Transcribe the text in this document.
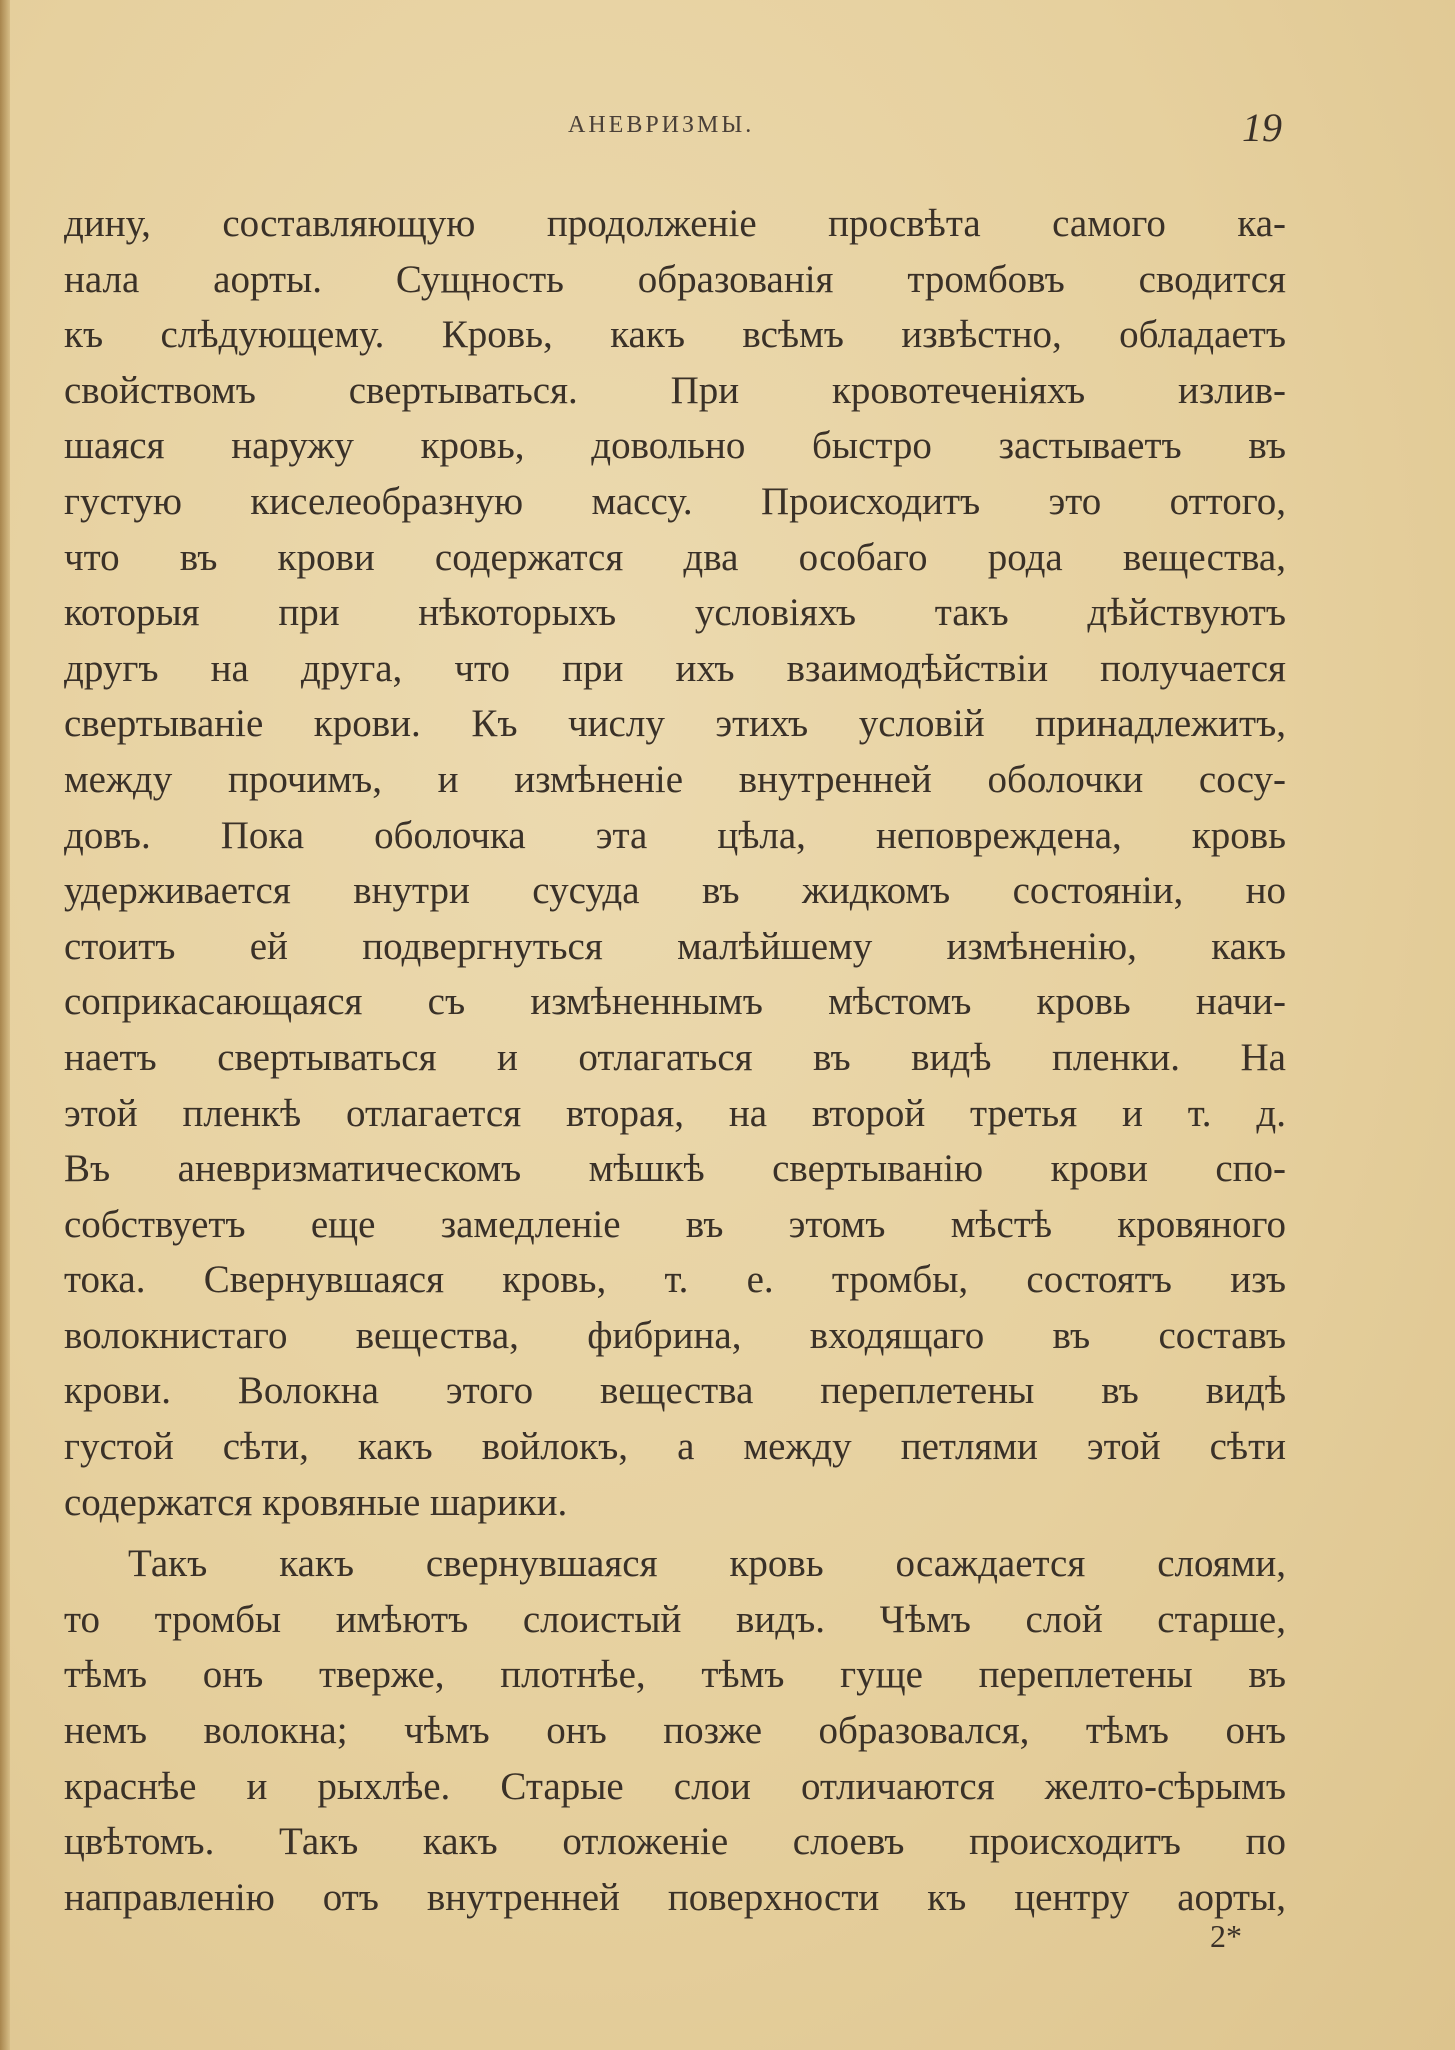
АНЕВРИЗМЫ.	19
дину, составляющую продолженіе просвѣта самого ка-
нала аорты. Сущность образованія тромбовъ сводится
къ слѣдующему. Кровь, какъ всѣмъ извѣстно, обладаетъ
свойствомъ свертываться. При кровотеченіяхъ излив-
шаяся наружу кровь, довольно быстро застываетъ въ
густую киселеобразную массу. Происходитъ это оттого,
что въ крови содержатся два особаго рода вещества,
которыя при нѣкоторыхъ условіяхъ такъ дѣйствуютъ
другъ на друга, что при ихъ взаимодѣйствіи получается
свертываніе крови. Къ числу этихъ условій принадлежитъ,
между прочимъ, и измѣненіе внутренней оболочки сосу-
довъ. Пока оболочка эта цѣла, неповреждена, кровь
удерживается внутри сусуда въ жидкомъ состояніи, но
стоитъ ей подвергнуться малѣйшему измѣненію, какъ
соприкасающаяся съ измѣненнымъ мѣстомъ кровь начи-
наетъ свертываться и отлагаться въ видѣ пленки. На
этой пленкѣ отлагается вторая, на второй третья и т. д.
Въ аневризматическомъ мѣшкѣ свертыванію крови спо-
собствуетъ еще замедленіе въ этомъ мѣстѣ кровяного
тока. Свернувшаяся кровь, т. е. тромбы, состоятъ изъ
волокнистаго вещества, фибрина, входящаго въ составъ
крови. Волокна этого вещества переплетены въ видѣ
густой сѣти, какъ войлокъ, а между петлями этой сѣти
содержатся кровяные шарики.
Такъ какъ свернувшаяся кровь осаждается слоями,
то тромбы имѣютъ слоистый видъ. Чѣмъ слой старше,
тѣмъ онъ тверже, плотнѣе, тѣмъ гуще переплетены въ
немъ волокна; чѣмъ онъ позже образовался, тѣмъ онъ
краснѣе и рыхлѣе. Старые слои отличаются желто-сѣрымъ
цвѣтомъ. Такъ какъ отложеніе слоевъ происходитъ по
направленію отъ внутренней поверхности къ центру аорты,
2*
